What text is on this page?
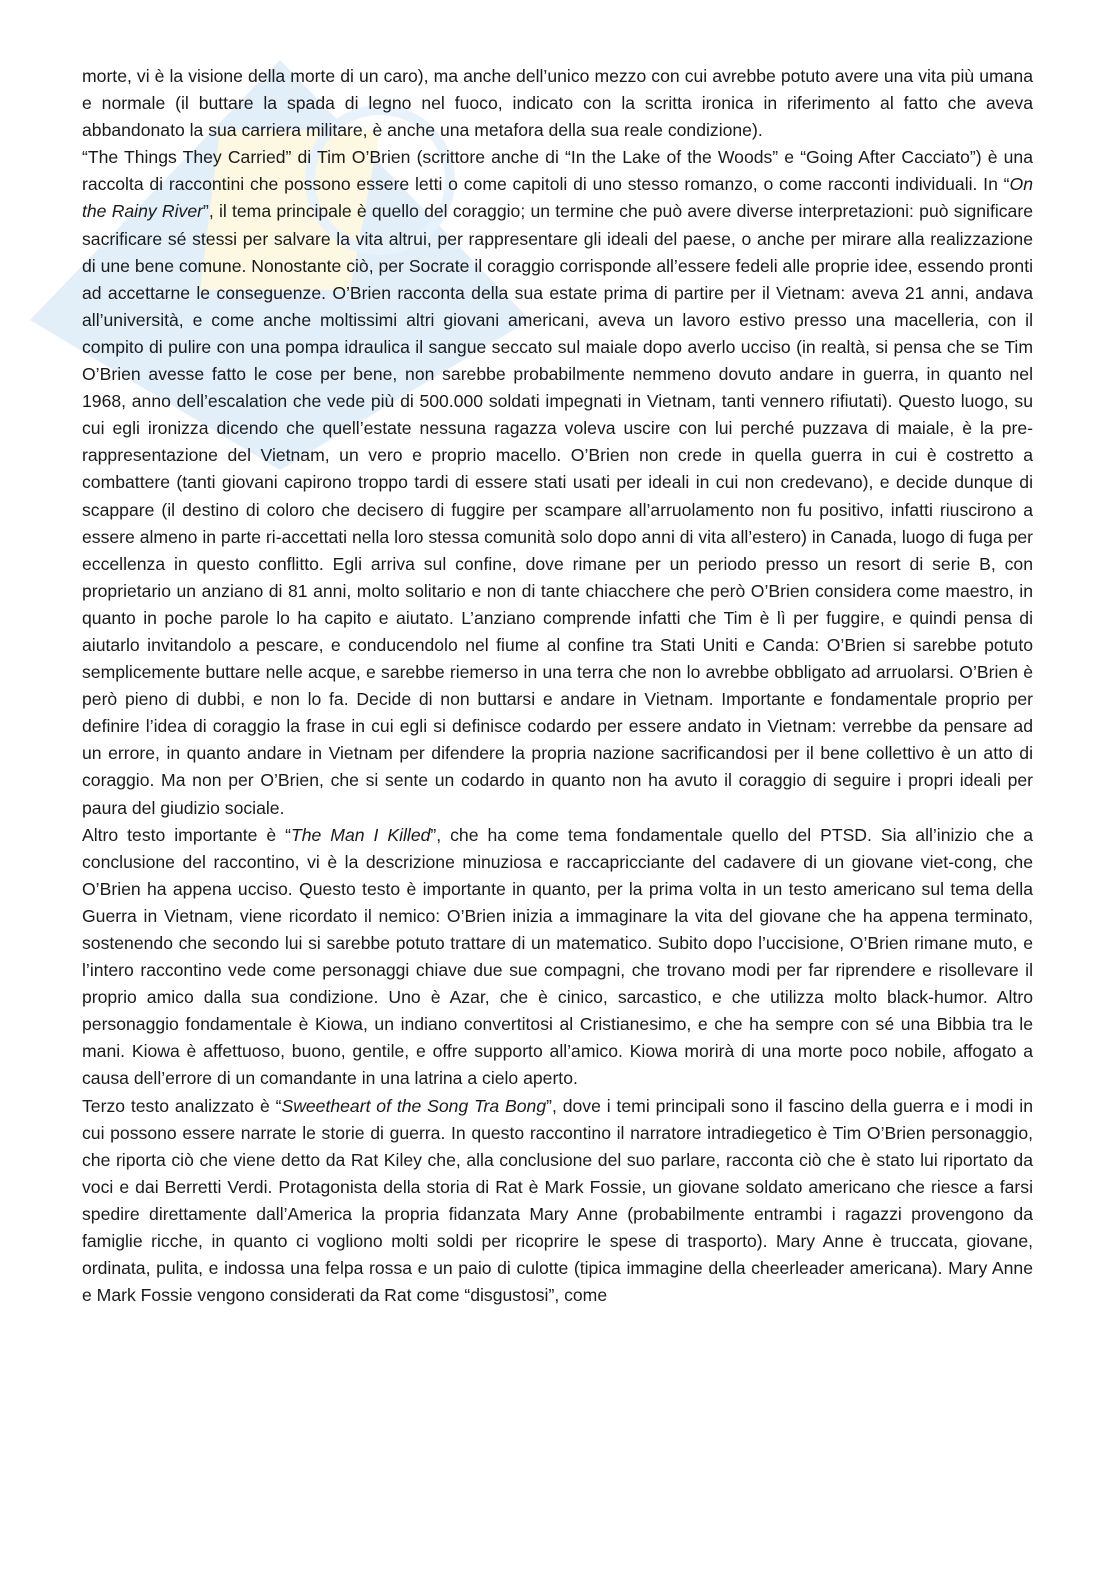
morte, vi è la visione della morte di un caro), ma anche dell’unico mezzo con cui avrebbe potuto avere una vita più umana e normale (il buttare la spada di legno nel fuoco, indicato con la scritta ironica in riferimento al fatto che aveva abbandonato la sua carriera militare, è anche una metafora della sua reale condizione).

“The Things They Carried” di Tim O’Brien (scrittore anche di “In the Lake of the Woods” e “Going After Cacciato”) è una raccolta di raccontini che possono essere letti o come capitoli di uno stesso romanzo, o come racconti individuali. In “On the Rainy River”, il tema principale è quello del coraggio; un termine che può avere diverse interpretazioni: può significare sacrificare sé stessi per salvare la vita altrui, per rappresentare gli ideali del paese, o anche per mirare alla realizzazione di une bene comune. Nonostante ciò, per Socrate il coraggio corrisponde all’essere fedeli alle proprie idee, essendo pronti ad accettarne le conseguenze. O’Brien racconta della sua estate prima di partire per il Vietnam: aveva 21 anni, andava all’università, e come anche moltissimi altri giovani americani, aveva un lavoro estivo presso una macelleria, con il compito di pulire con una pompa idraulica il sangue seccato sul maiale dopo averlo ucciso (in realtà, si pensa che se Tim O’Brien avesse fatto le cose per bene, non sarebbe probabilmente nemmeno dovuto andare in guerra, in quanto nel 1968, anno dell’escalation che vede più di 500.000 soldati impegnati in Vietnam, tanti vennero rifiutati). Questo luogo, su cui egli ironizza dicendo che quell’estate nessuna ragazza voleva uscire con lui perché puzzava di maiale, è la pre-rappresentazione del Vietnam, un vero e proprio macello. O’Brien non crede in quella guerra in cui è costretto a combattere (tanti giovani capirono troppo tardi di essere stati usati per ideali in cui non credevano), e decide dunque di scappare (il destino di coloro che decisero di fuggire per scampare all’arruolamento non fu positivo, infatti riuscirono a essere almeno in parte ri-accettati nella loro stessa comunità solo dopo anni di vita all’estero) in Canada, luogo di fuga per eccellenza in questo conflitto. Egli arriva sul confine, dove rimane per un periodo presso un resort di serie B, con proprietario un anziano di 81 anni, molto solitario e non di tante chiacchere che però O’Brien considera come maestro, in quanto in poche parole lo ha capito e aiutato. L’anziano comprende infatti che Tim è lì per fuggire, e quindi pensa di aiutarlo invitandolo a pescare, e conducendolo nel fiume al confine tra Stati Uniti e Canda: O’Brien si sarebbe potuto semplicemente buttare nelle acque, e sarebbe riemerso in una terra che non lo avrebbe obbligato ad arruolarsi. O’Brien è però pieno di dubbi, e non lo fa. Decide di non buttarsi e andare in Vietnam. Importante e fondamentale proprio per definire l’idea di coraggio la frase in cui egli si definisce codardo per essere andato in Vietnam: verrebbe da pensare ad un errore, in quanto andare in Vietnam per difendere la propria nazione sacrificandosi per il bene collettivo è un atto di coraggio. Ma non per O’Brien, che si sente un codardo in quanto non ha avuto il coraggio di seguire i propri ideali per paura del giudizio sociale.

Altro testo importante è “The Man I Killed”, che ha come tema fondamentale quello del PTSD. Sia all’inizio che a conclusione del raccontino, vi è la descrizione minuziosa e raccapricciante del cadavere di un giovane viet-cong, che O’Brien ha appena ucciso. Questo testo è importante in quanto, per la prima volta in un testo americano sul tema della Guerra in Vietnam, viene ricordato il nemico: O’Brien inizia a immaginare la vita del giovane che ha appena terminato, sostenendo che secondo lui si sarebbe potuto trattare di un matematico. Subito dopo l’uccisione, O’Brien rimane muto, e l’intero raccontino vede come personaggi chiave due sue compagni, che trovano modi per far riprendere e risollevare il proprio amico dalla sua condizione. Uno è Azar, che è cinico, sarcastico, e che utilizza molto black-humor. Altro personaggio fondamentale è Kiowa, un indiano convertitosi al Cristianesimo, e che ha sempre con sé una Bibbia tra le mani. Kiowa è affettuoso, buono, gentile, e offre supporto all’amico. Kiowa morirà di una morte poco nobile, affogato a causa dell’errore di un comandante in una latrina a cielo aperto.

Terzo testo analizzato è “Sweetheart of the Song Tra Bong”, dove i temi principali sono il fascino della guerra e i modi in cui possono essere narrate le storie di guerra. In questo raccontino il narratore intradiegetico è Tim O’Brien personaggio, che riporta ciò che viene detto da Rat Kiley che, alla conclusione del suo parlare, racconta ciò che è stato lui riportato da voci e dai Berretti Verdi. Protagonista della storia di Rat è Mark Fossie, un giovane soldato americano che riesce a farsi spedire direttamente dall’America la propria fidanzata Mary Anne (probabilmente entrambi i ragazzi provengono da famiglie ricche, in quanto ci vogliono molti soldi per ricoprire le spese di trasporto). Mary Anne è truccata, giovane, ordinata, pulita, e indossa una felpa rossa e un paio di culotte (tipica immagine della cheerleader americana). Mary Anne e Mark Fossie vengono considerati da Rat come “disgustosi”, come
